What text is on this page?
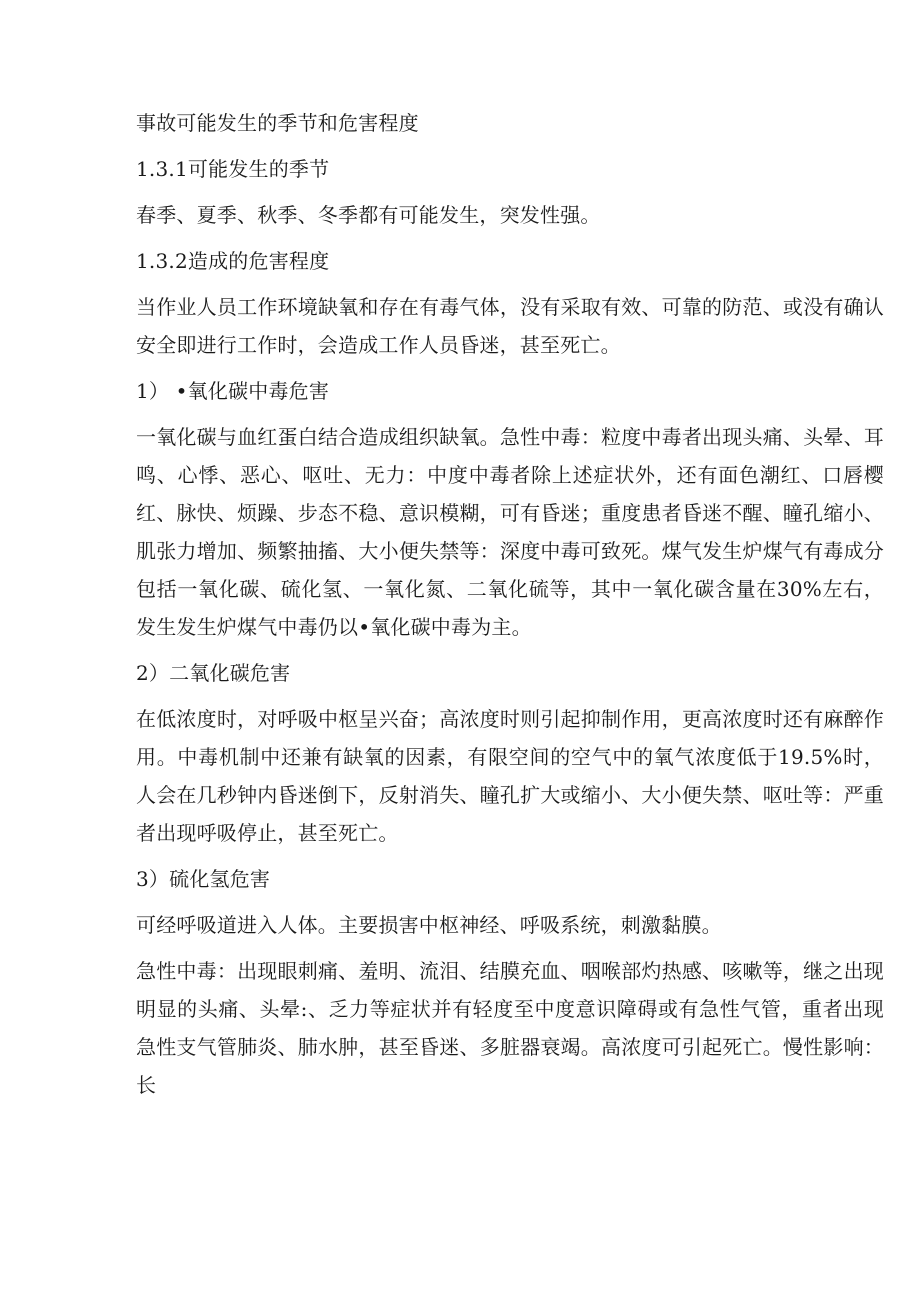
事故可能发生的季节和危害程度

1.3.1可能发生的季节

春季、夏季、秋季、冬季都有可能发生，突发性强。

1.3.2造成的危害程度

当作业人员工作环境缺氧和存在有毒气体，没有采取有效、可靠的防范、或没有确认安全即进行工作时，会造成工作人员昏迷，甚至死亡。

1） •氧化碳中毒危害

一氧化碳与血红蛋白结合造成组织缺氧。急性中毒：粒度中毒者出现头痛、头晕、耳鸣、心悸、恶心、呕吐、无力：中度中毒者除上述症状外，还有面色潮红、口唇樱红、脉快、烦躁、步态不稳、意识模糊，可有昏迷；重度患者昏迷不醒、瞳孔缩小、肌张力增加、频繁抽搐、大小便失禁等：深度中毒可致死。煤气发生炉煤气有毒成分包括一氧化碳、硫化氢、一氧化氮、二氧化硫等，其中一氧化碳含量在30%左右，发生发生炉煤气中毒仍以•氧化碳中毒为主。

2）二氧化碳危害

在低浓度时，对呼吸中枢呈兴奋；高浓度时则引起抑制作用，更高浓度时还有麻醉作用。中毒机制中还兼有缺氧的因素，有限空间的空气中的氧气浓度低于19.5%时，人会在几秒钟内昏迷倒下，反射消失、瞳孔扩大或缩小、大小便失禁、呕吐等：严重者出现呼吸停止，甚至死亡。

3）硫化氢危害

可经呼吸道进入人体。主要损害中枢神经、呼吸系统，刺激黏膜。

急性中毒：出现眼刺痛、羞明、流泪、结膜充血、咽喉部灼热感、咳嗽等，继之出现明显的头痛、头晕:、乏力等症状并有轻度至中度意识障碍或有急性气管，重者出现急性支气管肺炎、肺水肿，甚至昏迷、多脏器衰竭。高浓度可引起死亡。慢性影响：长
